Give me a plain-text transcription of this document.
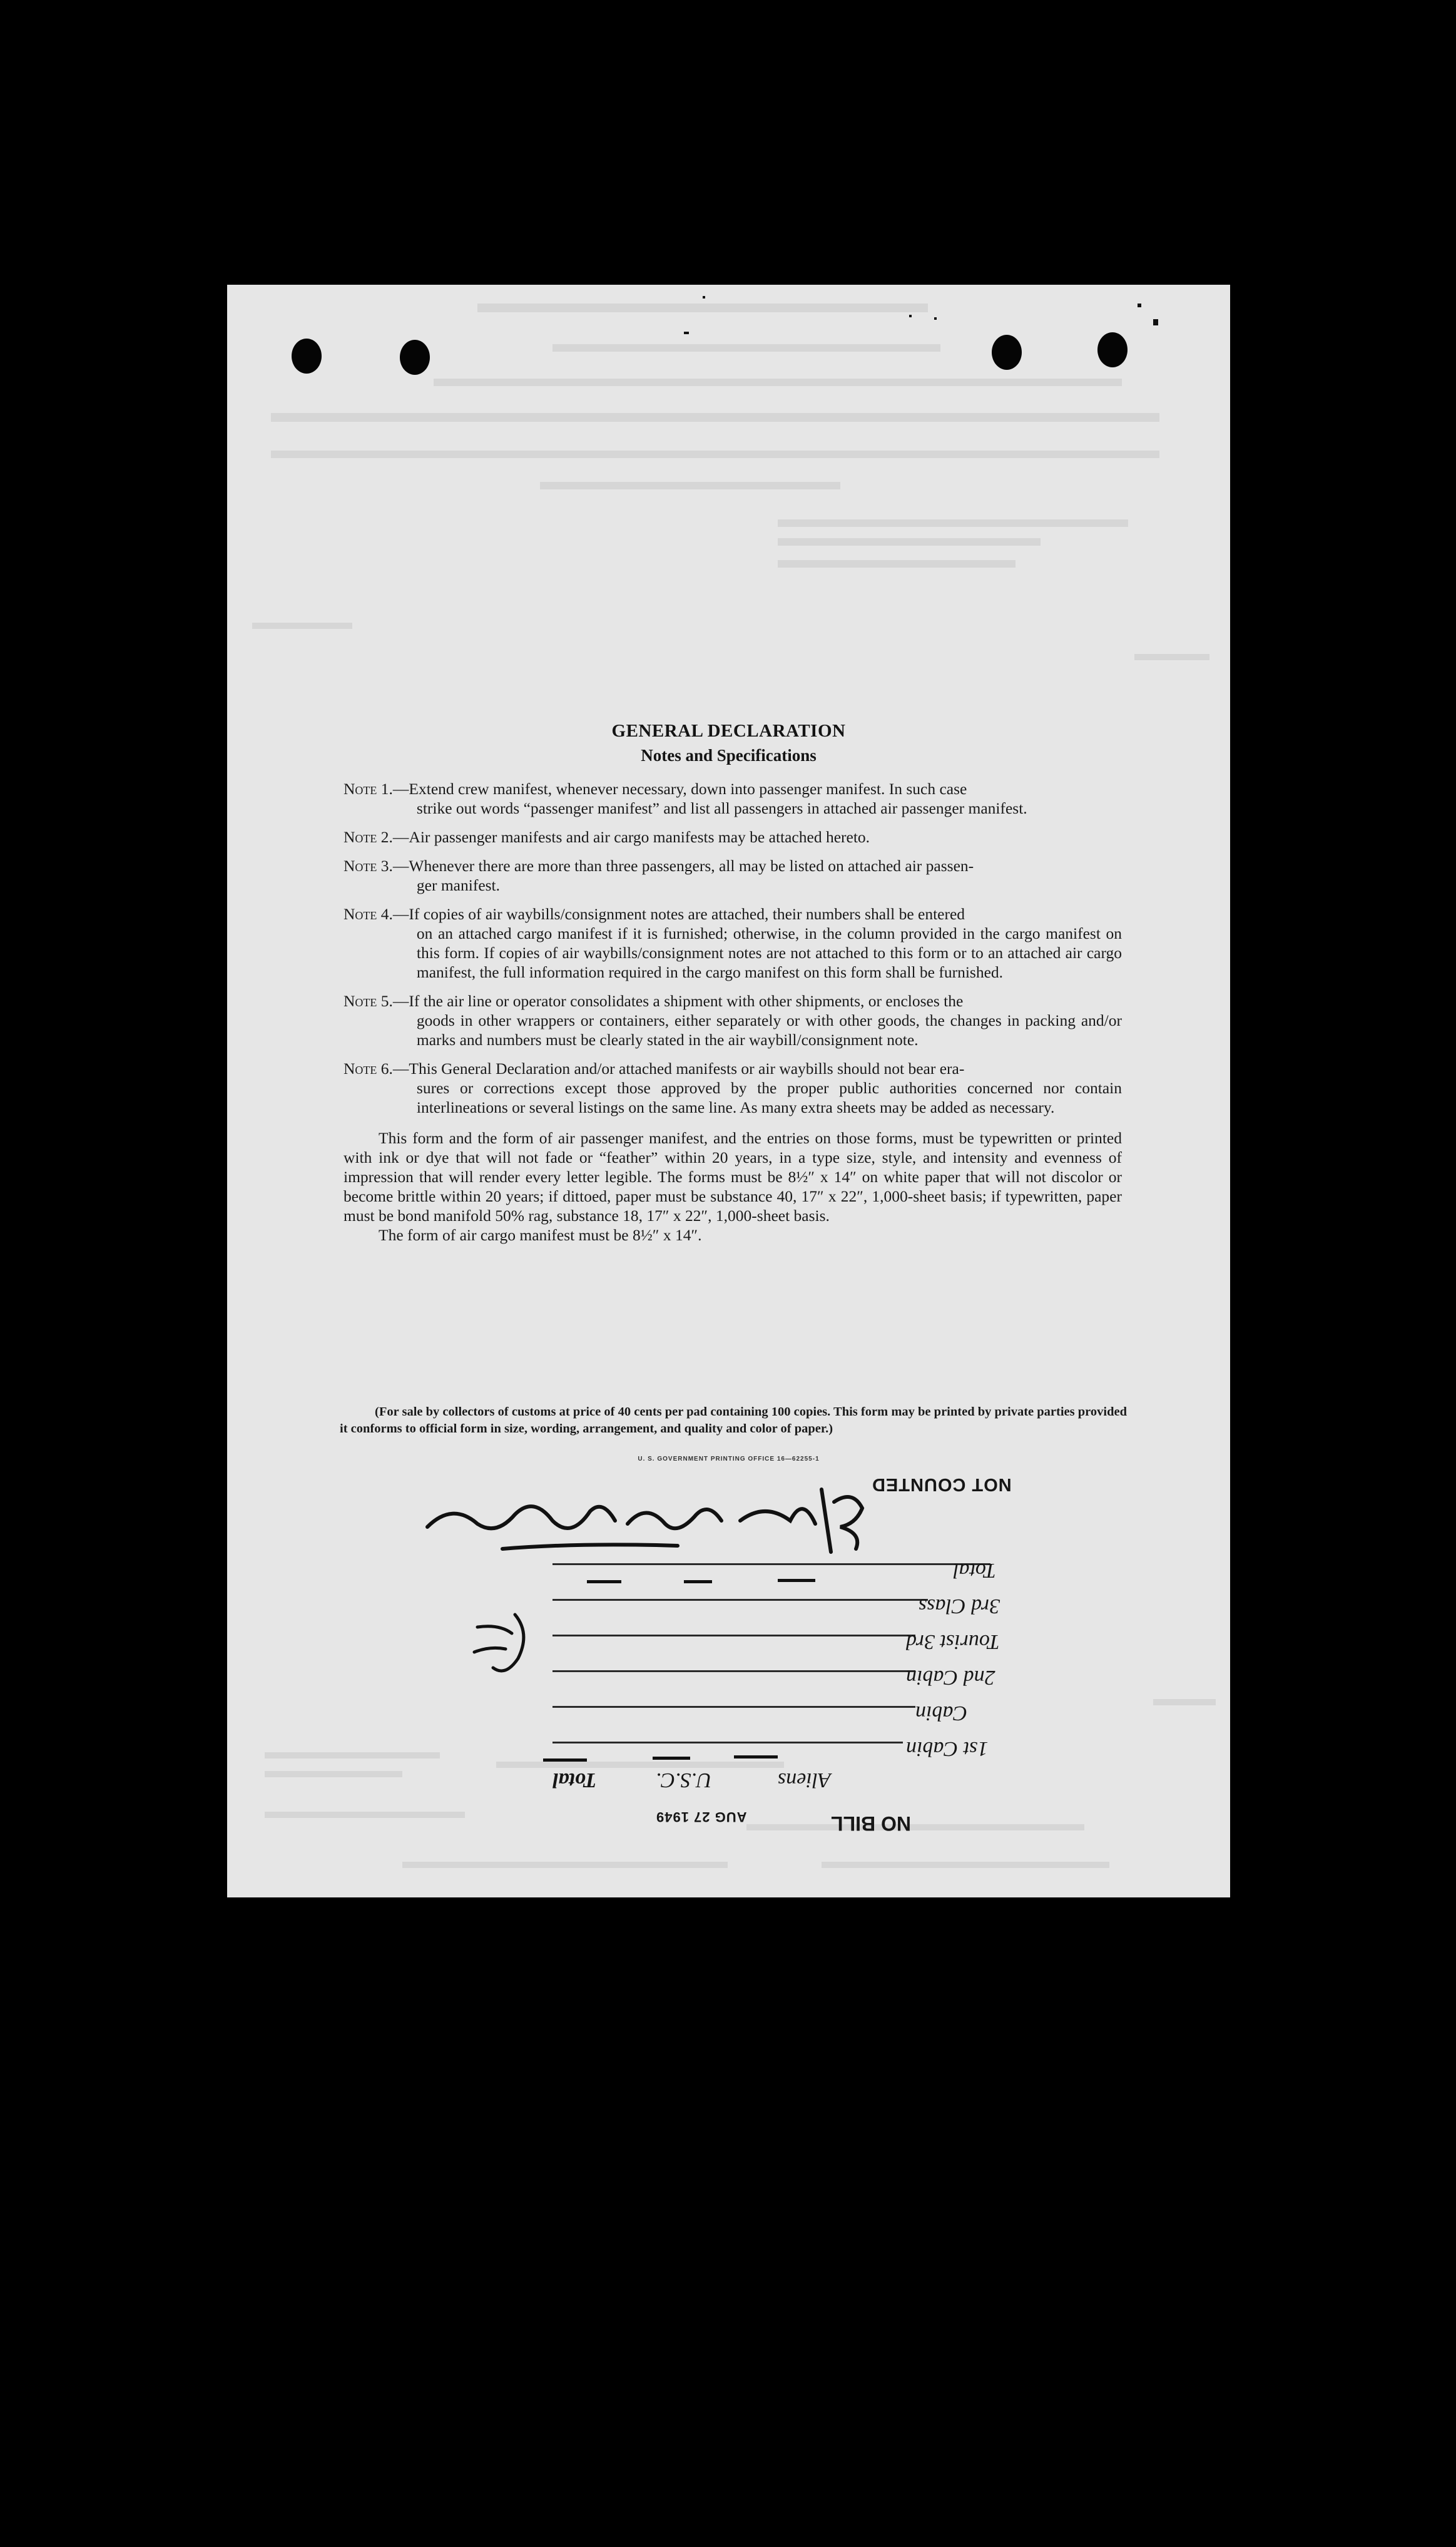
GENERAL DECLARATION
Notes and Specifications
Note 1. —Extend crew manifest, whenever necessary, down into passenger manifest. In such case
strike out words “passenger manifest” and list all passengers in attached air passenger manifest.
Note 2. —Air passenger manifests and air cargo manifests may be attached hereto.
Note 3. —Whenever there are more than three passengers, all may be listed on attached air passen-
ger manifest.
Note 4. —If copies of air waybills/consignment notes are attached, their numbers shall be entered
on an attached cargo manifest if it is furnished; otherwise, in the column provided in the cargo manifest on this form. If copies of air waybills/consignment notes are not attached to this form or to an attached air cargo manifest, the full information required in the cargo manifest on this form shall be furnished.
Note 5. —If the air line or operator consolidates a shipment with other shipments, or encloses the
goods in other wrappers or containers, either separately or with other goods, the changes in packing and/or marks and numbers must be clearly stated in the air waybill/consignment note.
Note 6. —This General Declaration and/or attached manifests or air waybills should not bear era-
sures or corrections except those approved by the proper public authorities concerned nor contain interlineations or several listings on the same line. As many extra sheets may be added as necessary.
This form and the form of air passenger manifest, and the entries on those forms, must be typewritten or printed with ink or dye that will not fade or “feather” within 20 years, in a type size, style, and intensity and evenness of impression that will render every letter legible. The forms must be 8½″ x 14″ on white paper that will not discolor or become brittle within 20 years; if dittoed, paper must be substance 40, 17″ x 22″, 1,000-sheet basis; if typewritten, paper must be bond manifold 50% rag, substance 18, 17″ x 22″, 1,000-sheet basis.
The form of air cargo manifest must be 8½″ x 14″.
(For sale by collectors of customs at price of 40 cents per pad containing 100 copies. This form may be printed by private parties provided it conforms to official form in size, wording, arrangement, and quality and color of paper.)
U. S. GOVERNMENT PRINTING OFFICE 16—62255-1
NOT COUNTED
Total
3rd Class
Tourist 3rd
2nd Cabin
Cabin
1st Cabin
Aliens
U.S.C.
Total
AUG 27 1949	NO BILL
